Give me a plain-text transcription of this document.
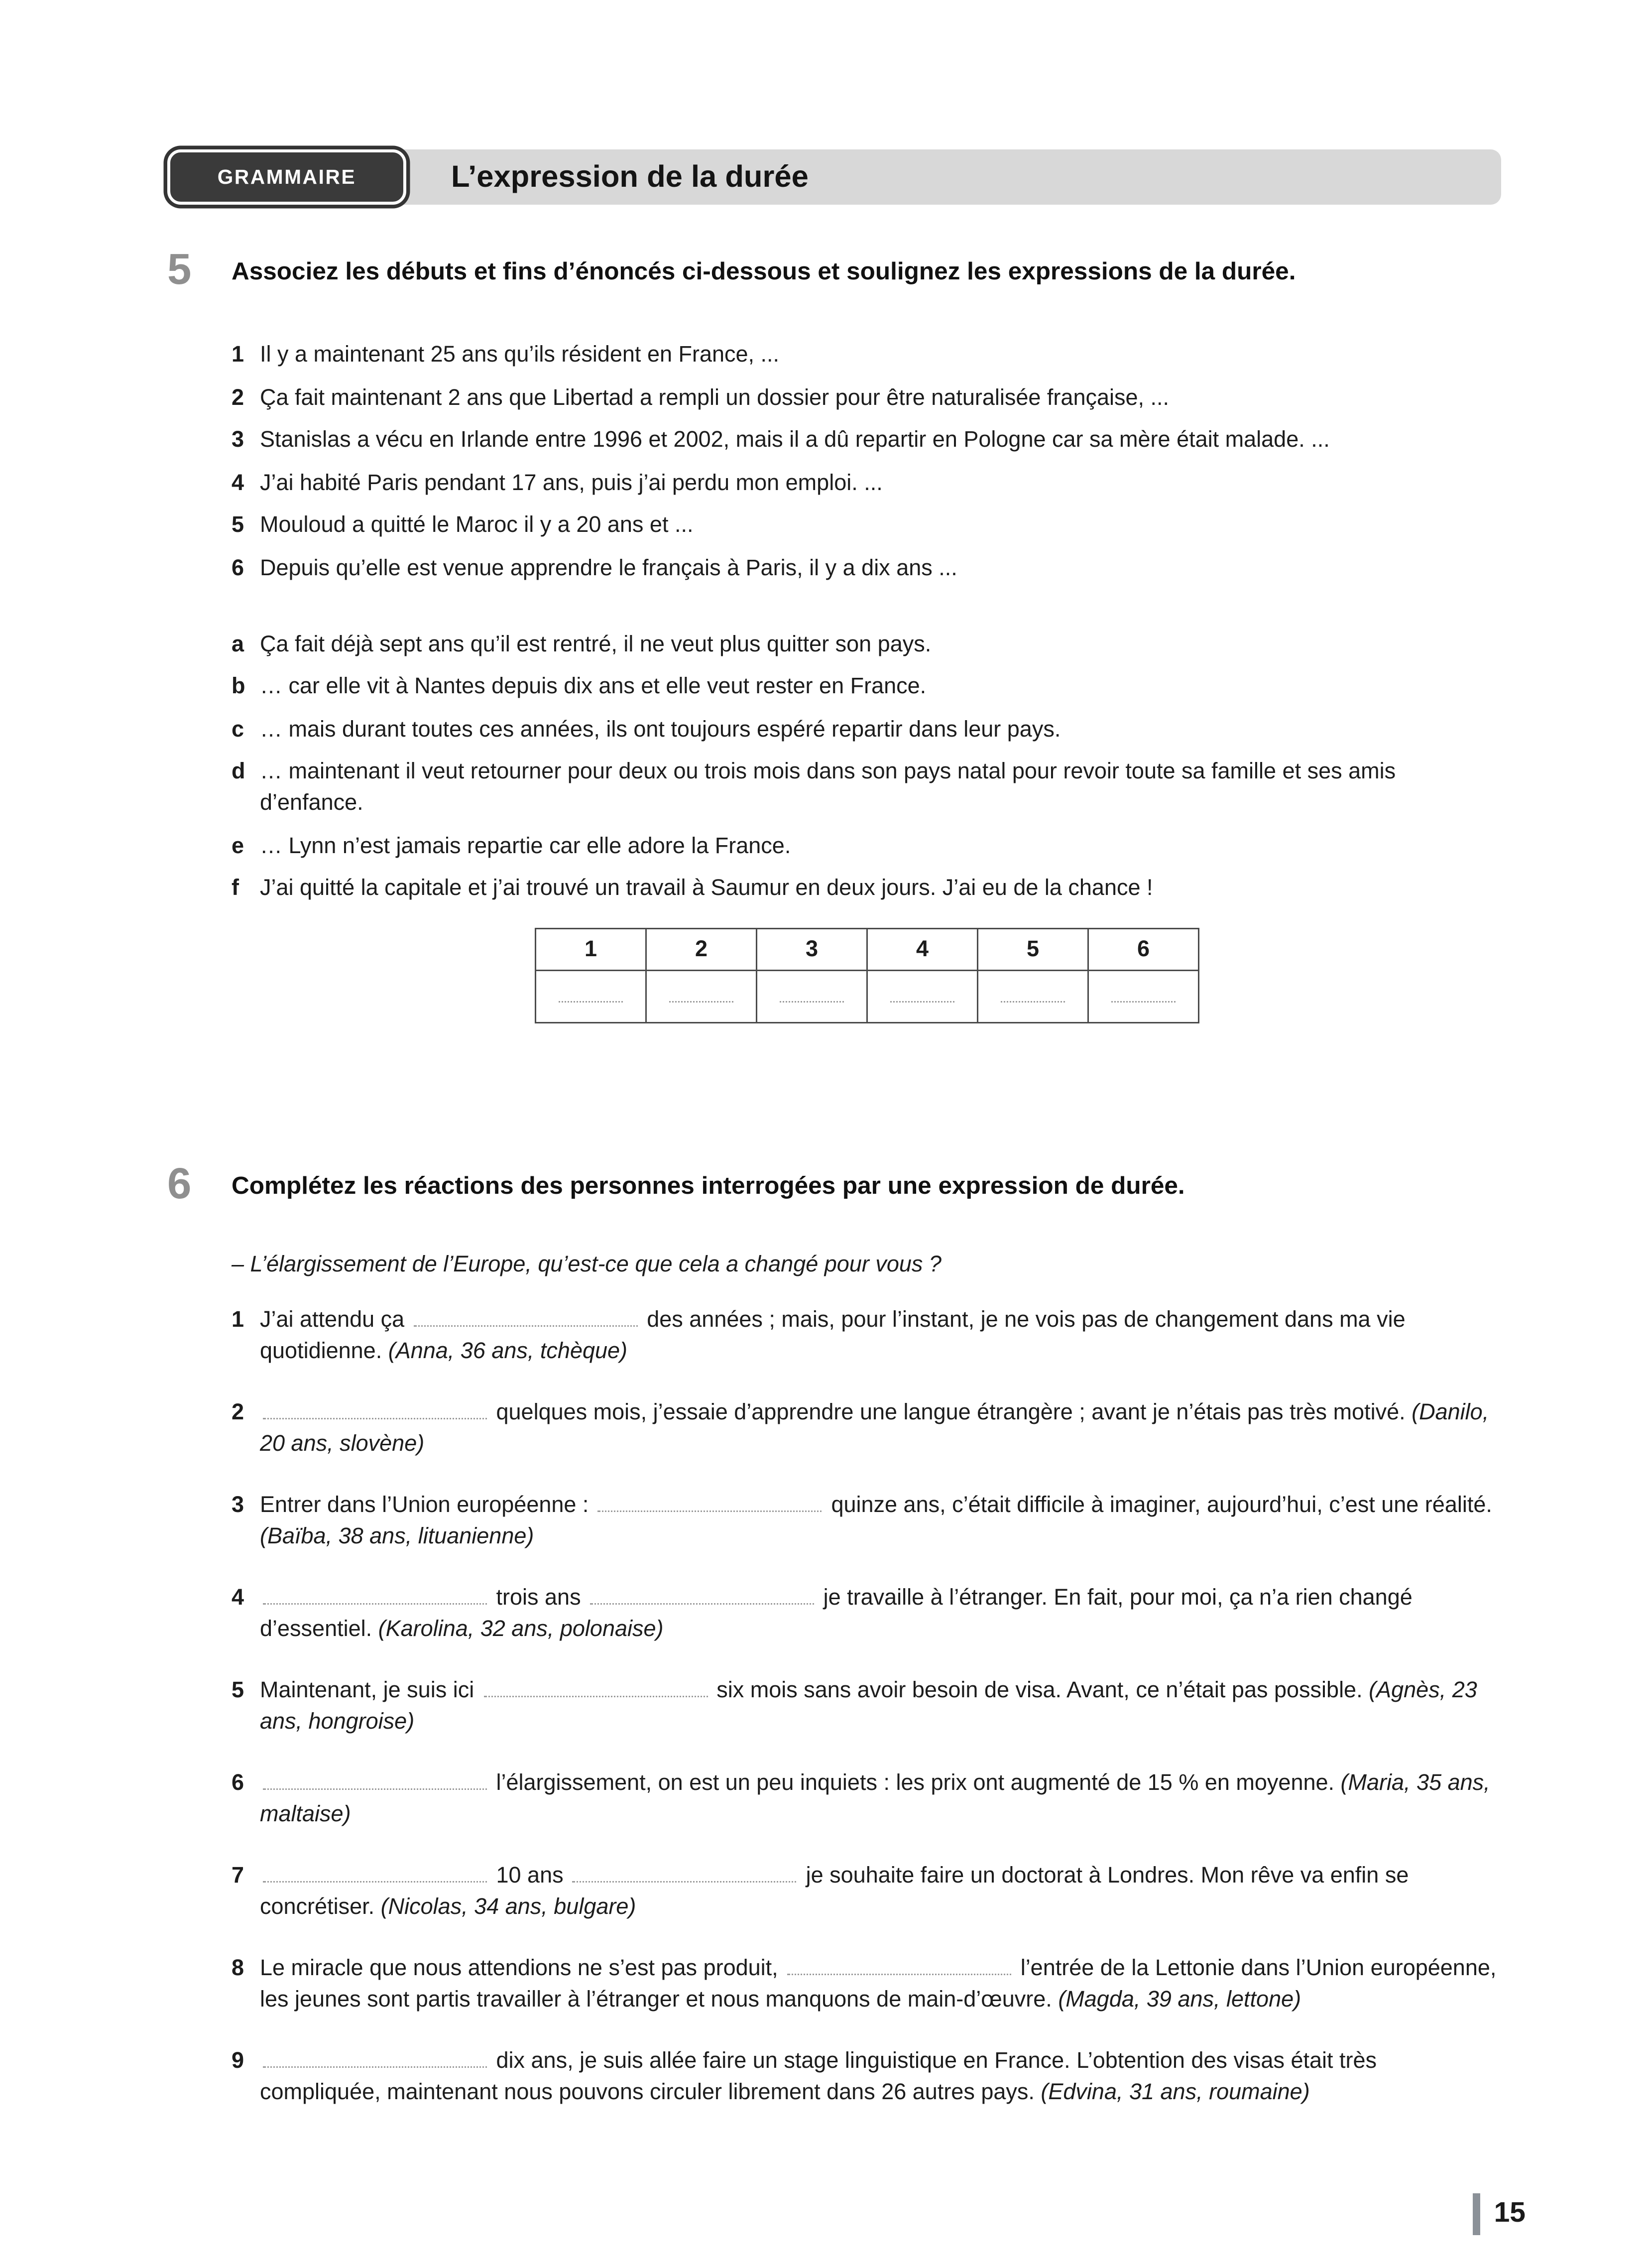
GRAMMAIRE	L’expression de la durée
5	Associez les débuts et fins d’énoncés ci-dessous et soulignez les expressions de la durée.
1	Il y a maintenant 25 ans qu’ils résident en France, ...
2	Ça fait maintenant 2 ans que Libertad a rempli un dossier pour être naturalisée française, ...
3	Stanislas a vécu en Irlande entre 1996 et 2002, mais il a dû repartir en Pologne car sa mère était malade. ...
4	J’ai habité Paris pendant 17 ans, puis j’ai perdu mon emploi. ...
5	Mouloud a quitté le Maroc il y a 20 ans et ...
6	Depuis qu’elle est venue apprendre le français à Paris, il y a dix ans ...
a	Ça fait déjà sept ans qu’il est rentré, il ne veut plus quitter son pays.
b	… car elle vit à Nantes depuis dix ans et elle veut rester en France.
c	… mais durant toutes ces années, ils ont toujours espéré repartir dans leur pays.
d	… maintenant il veut retourner pour deux ou trois mois dans son pays natal pour revoir toute sa famille et ses amis d’enfance.
e	… Lynn n’est jamais repartie car elle adore la France.
f	J’ai quitté la capitale et j’ai trouvé un travail à Saumur en deux jours. J’ai eu de la chance !
1	2	3	4	5	6

6	Complétez les réactions des personnes interrogées par une expression de durée.

– L’élargissement de l’Europe, qu’est-ce que cela a changé pour vous ?

1	J’ai attendu ça	des années ; mais, pour l’instant, je ne vois pas de changement dans ma vie quotidienne. (Anna, 36 ans, tchèque)
2	quelques mois, j’essaie d’apprendre une langue étrangère ; avant je n’étais pas très motivé. (Danilo, 20 ans, slovène)
3	Entrer dans l’Union européenne :	quinze ans, c’était difficile à imaginer, aujourd’hui, c’est une réalité. (Baïba, 38 ans, lituanienne)
4	trois ans	je travaille à l’étranger. En fait, pour moi, ça n’a rien changé d’essentiel. (Karolina, 32 ans, polonaise)
5	Maintenant, je suis ici	six mois sans avoir besoin de visa. Avant, ce n’était pas possible. (Agnès, 23 ans, hongroise)
6	l’élargissement, on est un peu inquiets : les prix ont augmenté de 15 % en moyenne. (Maria, 35 ans, maltaise)
7	10 ans	je souhaite faire un doctorat à Londres. Mon rêve va enfin se concrétiser. (Nicolas, 34 ans, bulgare)
8	Le miracle que nous attendions ne s’est pas produit,	l’entrée de la Lettonie dans l’Union européenne, les jeunes sont partis travailler à l’étranger et nous manquons de main-d’œuvre. (Magda, 39 ans, lettone)
9	dix ans, je suis allée faire un stage linguistique en France. L’obtention des visas était très compliquée, maintenant nous pouvons circuler librement dans 26 autres pays. (Edvina, 31 ans, roumaine)
15
